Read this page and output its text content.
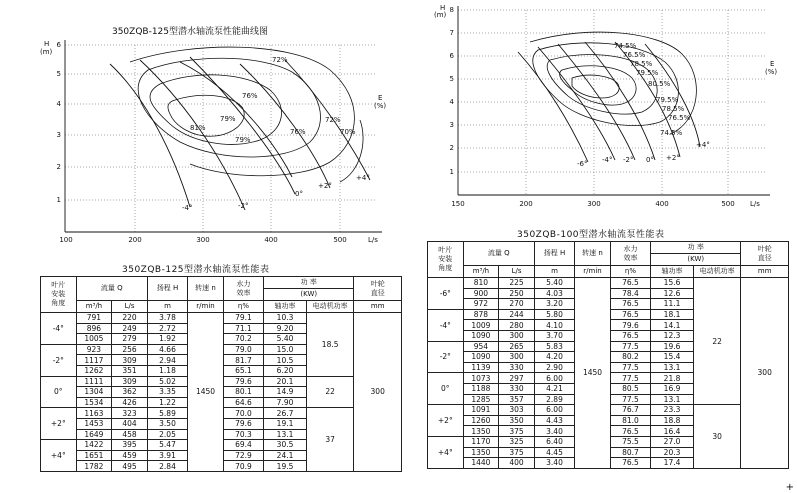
350ZQB-125型潜水轴流泵性能曲线图
H
(m)
1
2
3
4
5
6
100	200	300	400	500	L/s
E
(%)
72%
76%
79%
81%
79%
76%
72%
70%
-4°	-2°
0°
+2°
+4°
H
(m)
1
2
3
4
5
6
7
8
150	200	300	400	500 L/s
E
(%)
74.5%
76.5%
78.5%
79.5%
80.5%
79.5%
78.5%
76.5%
74.5%
-6° -4° -2° 0° +2°
+4°
350ZQB-125型潜水轴流泵性能表
350ZQB-100型潜水轴流泵性能表
叶片
安装
角度	流量 Q		扬程 H	转速 n	水力
效率	功 率		叶轮
直径
						(KW)		
	m³/h	L/s	m	r/min	η%	轴功率	电动机功率	mm
-4°	791	220	3.78	1450	79.1	10.3	18.5	300
	896	249	2.72		71.1	9.20		
	1005	279	1.92		70.2	5.40		
-2°	923	256	4.66		79.0	15.0		
	1117	309	2.94		81.7	10.5		
	1262	351	1.18		65.1	6.20		
0°	1111	309	5.02		79.6	20.1	22	
	1304	362	3.35		80.1	14.9		
	1534	426	1.22		64.6	7.90		
+2°	1163	323	5.89		70.0	26.7	37	
	1453	404	3.50		79.6	19.1		
	1649	458	2.05		70.3	13.1		
+4°	1422	395	5.47		69.4	30.5		
	1651	459	3.91		72.9	24.1		
	1782	495	2.84		70.9	19.5		
叶片
安装
角度	流量 Q		扬程 H	转速 n	水力
效率	功 率		叶轮
直径
						(KW)		
	m³/h	L/s	m	r/min	η%	轴功率	电动机功率	mm
-6°	810	225	5.40	1450	76.5	15.6	22	300
	900	250	4.03		78.4	12.6		
	972	270	3.20		76.5	11.1		
-4°	878	244	5.80		76.5	18.1		
	1009	280	4.10		79.6	14.1		
	1090	300	3.70		76.5	12.3		
-2°	954	265	5.83		77.5	19.6		
	1090	300	4.20		80.2	15.4		
	1139	330	2.90		77.5	13.1		
0°	1073	297	6.00		77.5	21.8		
	1188	330	4.21		80.5	16.9		
	1285	357	2.89		77.5	13.1		
+2°	1091	303	6.00		76.7	23.3	30	
	1260	350	4.43		81.0	18.8		
	1350	375	3.40		76.5	16.4		
+4°	1170	325	6.40		75.5	27.0		
	1350	375	4.45		80.7	20.3		
	1440	400	3.40		76.5	17.4		
+
